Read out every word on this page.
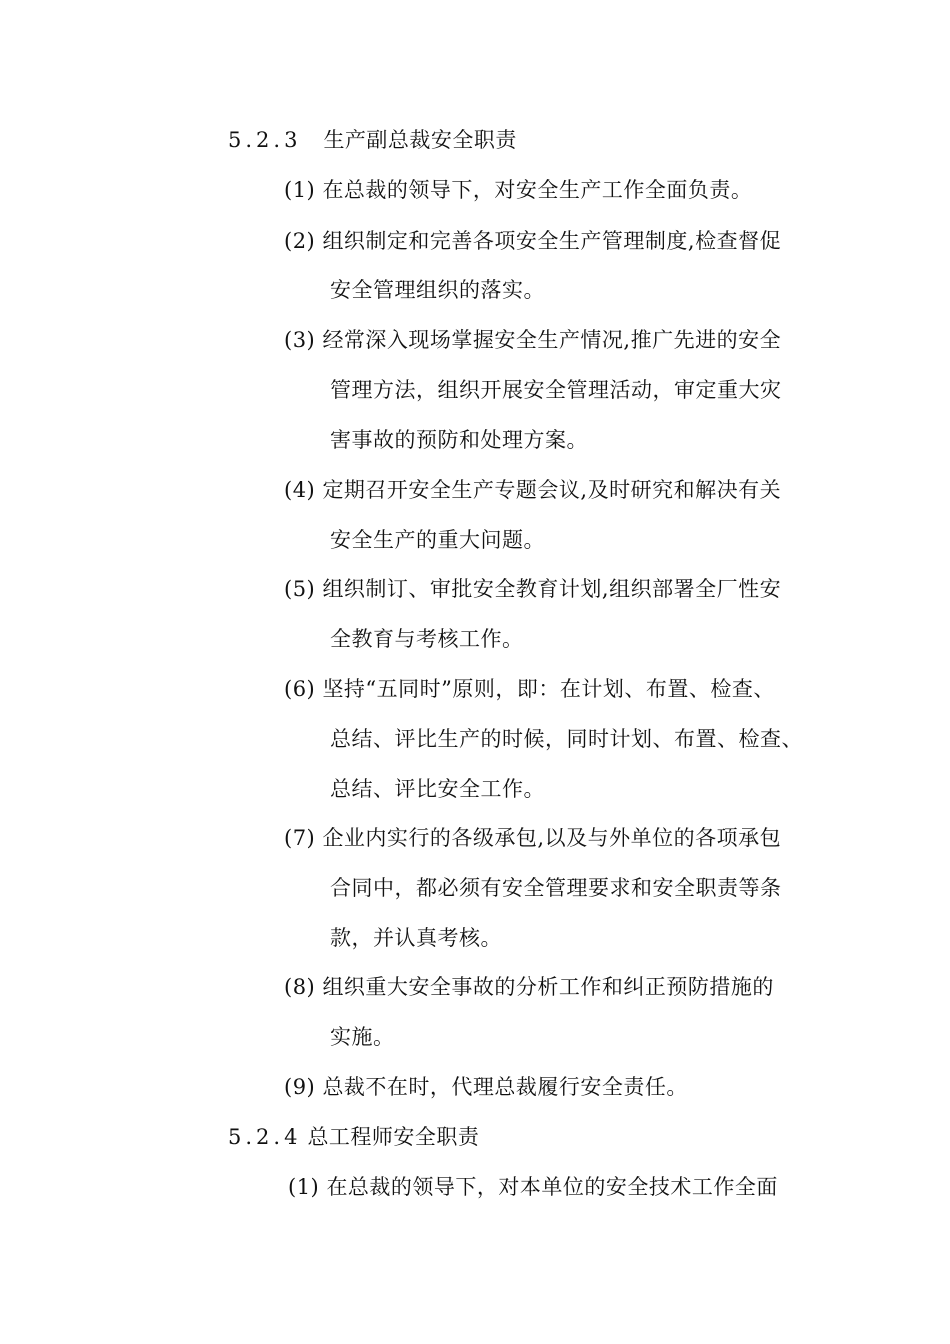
5.2.3 生产副总裁安全职责
(1) 在总裁的领导下，对安全生产工作全面负责。
(2) 组织制定和完善各项安全生产管理制度,检查督促
安全管理组织的落实。
(3) 经常深入现场掌握安全生产情况,推广先进的安全
管理方法，组织开展安全管理活动，审定重大灾
害事故的预防和处理方案。
(4) 定期召开安全生产专题会议,及时研究和解决有关
安全生产的重大问题。
(5) 组织制订、审批安全教育计划,组织部署全厂性安
全教育与考核工作。
(6) 坚持“五同时”原则，即：在计划、布置、检查、
总结、评比生产的时候，同时计划、布置、检查、
总结、评比安全工作。
(7) 企业内实行的各级承包,以及与外单位的各项承包
合同中，都必须有安全管理要求和安全职责等条
款，并认真考核。
(8) 组织重大安全事故的分析工作和纠正预防措施的
实施。
(9) 总裁不在时，代理总裁履行安全责任。
5.2.4 总工程师安全职责
(1) 在总裁的领导下，对本单位的安全技术工作全面
